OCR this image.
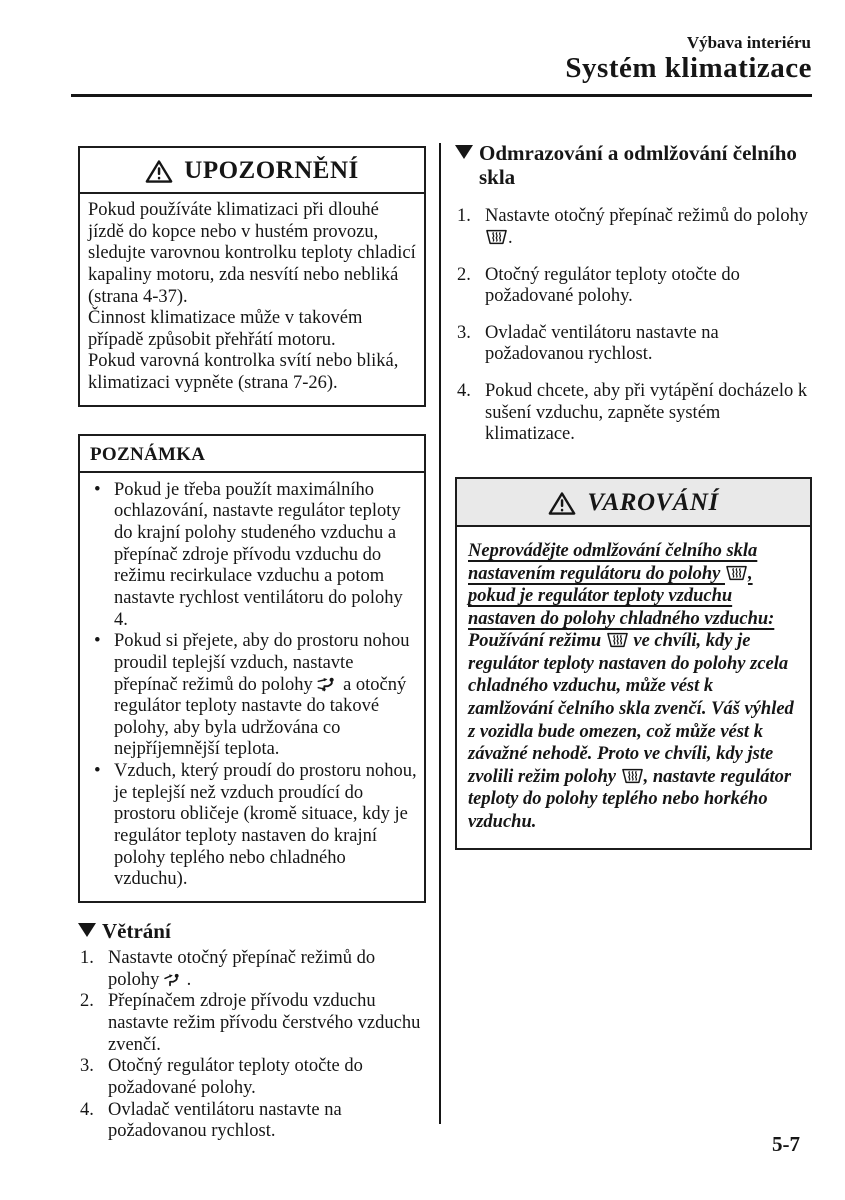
Výbava interiéru
Systém klimatizace
UPOZORNĚNÍ

Pokud používáte klimatizaci při dlouhé jízdě do kopce nebo v hustém provozu, sledujte varovnou kontrolku teploty chladicí kapaliny motoru, zda nesvítí nebo nebliká (strana 4-37).

Činnost klimatizace může v takovém případě způsobit přehřátí motoru.

Pokud varovná kontrolka svítí nebo bliká, klimatizaci vypněte (strana 7-26).

POZNÁMKA
• Pokud je třeba použít maximálního ochlazování, nastavte regulátor teploty do krajní polohy studeného vzduchu a přepínač zdroje přívodu vzduchu do režimu recirkulace vzduchu a potom nastavte rychlost ventilátoru do polohy 4.
• Pokud si přejete, aby do prostoru nohou proudil teplejší vzduch, nastavte přepínač režimů do polohy  a otočný regulátor teploty nastavte do takové polohy, aby byla udržována co nejpříjemnější teplota.
• Vzduch, který proudí do prostoru nohou, je teplejší než vzduch proudící do prostoru obličeje (kromě situace, kdy je regulátor teploty nastaven do krajní polohy teplého nebo chladného vzduchu).
Větrání
Nastavte otočný přepínač režimů do polohy  .
Přepínačem zdroje přívodu vzduchu nastavte režim přívodu čerstvého vzduchu zvenčí.
Otočný regulátor teploty otočte do požadované polohy.
Ovladač ventilátoru nastavte na požadovanou rychlost.
Odmrazování a odmlžování čelního skla
Nastavte otočný přepínač režimů do polohy .
Otočný regulátor teploty otočte do požadované polohy.
Ovladač ventilátoru nastavte na požadovanou rychlost.
Pokud chcete, aby při vytápění docházelo k sušení vzduchu, zapněte systém klimatizace.
VAROVÁNÍ

Neprovádějte odmlžování čelního skla nastavením regulátoru do polohy , pokud je regulátor teploty vzduchu nastaven do polohy chladného vzduchu:

Používání režimu  ve chvíli, kdy je regulátor teploty nastaven do polohy zcela chladného vzduchu, může vést k zamlžování čelního skla zvenčí. Váš výhled z vozidla bude omezen, což může vést k závažné nehodě. Proto ve chvíli, kdy jste zvolili režim polohy , nastavte regulátor teploty do polohy teplého nebo horkého vzduchu.

5-7
